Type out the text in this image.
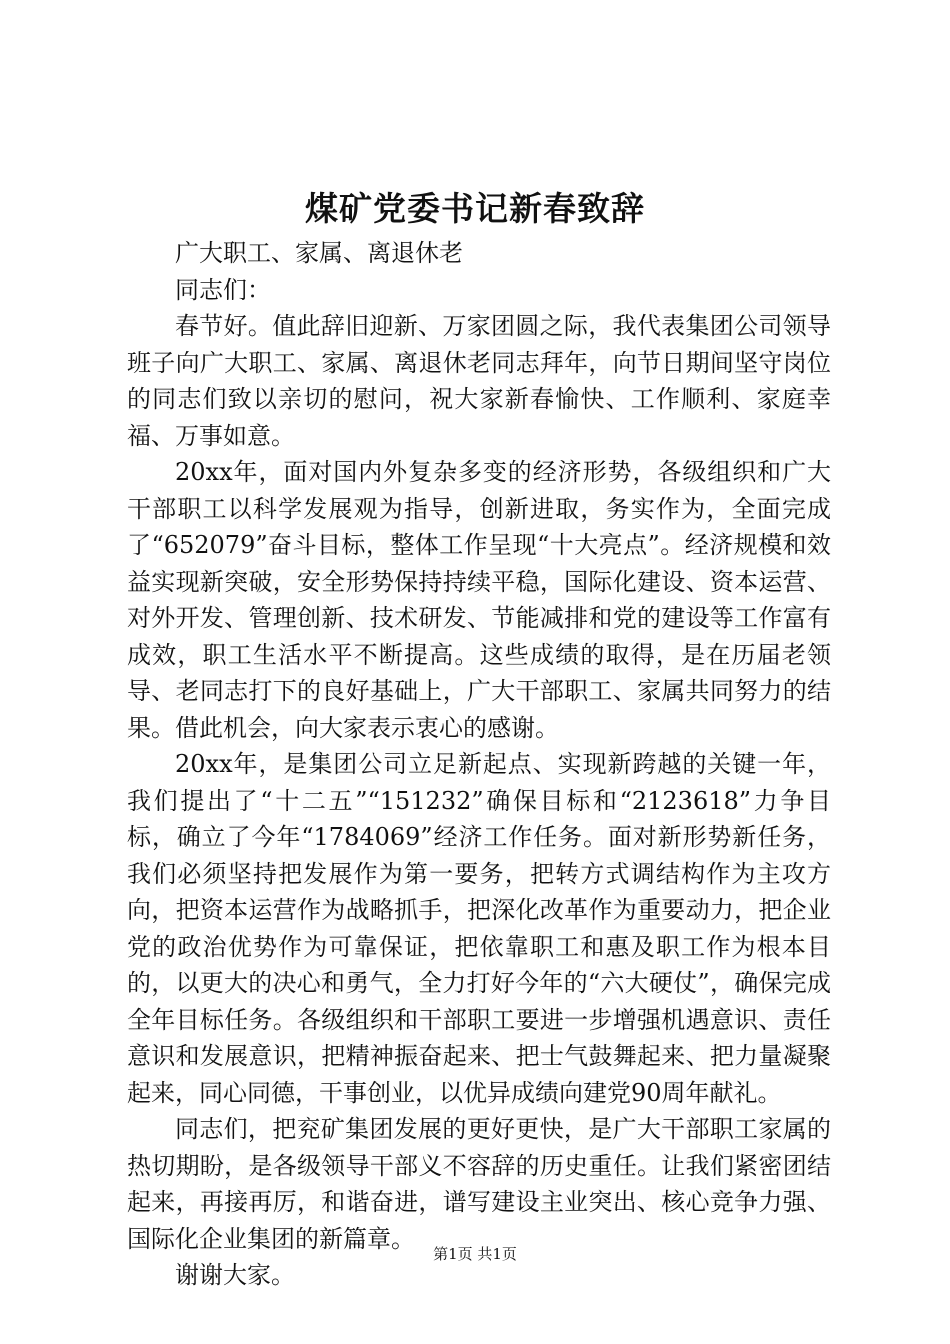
煤矿党委书记新春致辞

广大职工、家属、离退休老

同志们：

春节好。值此辞旧迎新、万家团圆之际，我代表集团公司领导班子向广大职工、家属、离退休老同志拜年，向节日期间坚守岗位的同志们致以亲切的慰问，祝大家新春愉快、工作顺利、家庭幸福、万事如意。

20xx年，面对国内外复杂多变的经济形势，各级组织和广大干部职工以科学发展观为指导，创新进取，务实作为，全面完成了“652079”奋斗目标，整体工作呈现“十大亮点”。经济规模和效益实现新突破，安全形势保持持续平稳，国际化建设、资本运营、对外开发、管理创新、技术研发、节能减排和党的建设等工作富有成效，职工生活水平不断提高。这些成绩的取得，是在历届老领导、老同志打下的良好基础上，广大干部职工、家属共同努力的结果。借此机会，向大家表示衷心的感谢。

20xx年，是集团公司立足新起点、实现新跨越的关键一年，我们提出了“十二五”“151232”确保目标和“2123618”力争目标，确立了今年“1784069”经济工作任务。面对新形势新任务，我们必须坚持把发展作为第一要务，把转方式调结构作为主攻方向，把资本运营作为战略抓手，把深化改革作为重要动力，把企业党的政治优势作为可靠保证，把依靠职工和惠及职工作为根本目的，以更大的决心和勇气，全力打好今年的“六大硬仗”，确保完成全年目标任务。各级组织和干部职工要进一步增强机遇意识、责任意识和发展意识，把精神振奋起来、把士气鼓舞起来、把力量凝聚起来，同心同德，干事创业，以优异成绩向建党90周年献礼。

同志们，把兖矿集团发展的更好更快，是广大干部职工家属的热切期盼，是各级领导干部义不容辞的历史重任。让我们紧密团结起来，再接再厉，和谐奋进，谱写建设主业突出、核心竞争力强、国际化企业集团的新篇章。

谢谢大家。

第1页 共1页
